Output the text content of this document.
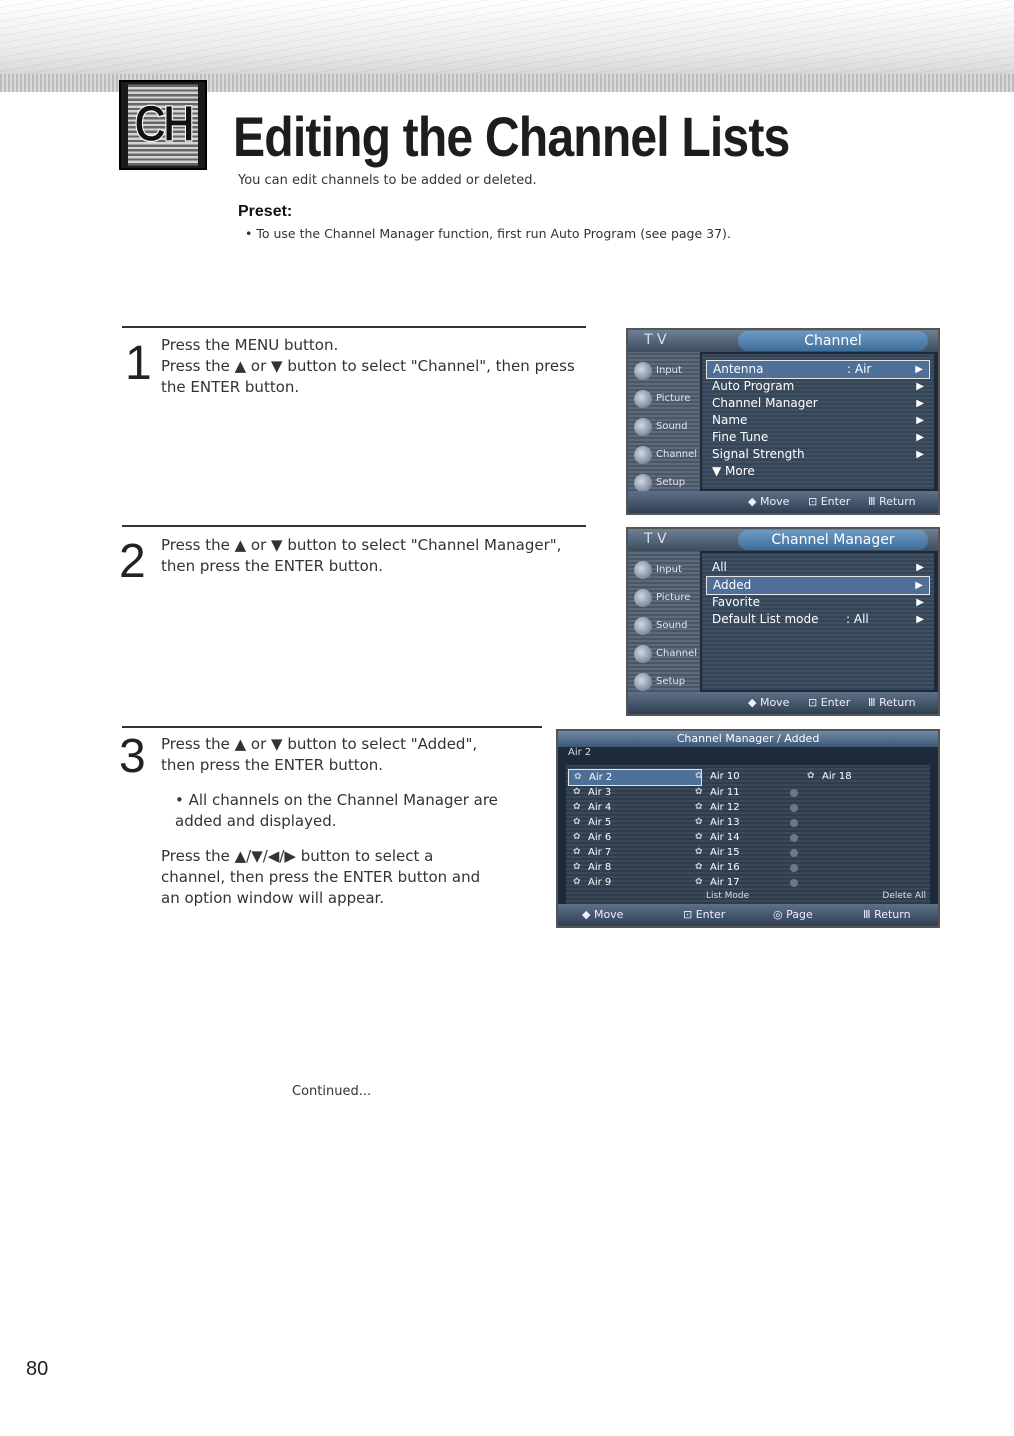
CH Editing the Channel Lists
You can edit channels to be added or deleted.
Preset:
• To use the Channel Manager function, first run Auto Program (see page 37).
1 Press the MENU button.
Press the ▲ or ▼ button to select "Channel", then press
the ENTER button.
2 Press the ▲ or ▼ button to select "Channel Manager",
then press the ENTER button.
3 Press the ▲ or ▼ button to select "Added",
then press the ENTER button.
• All channels on the Channel Manager are
added and displayed.
Press the ▲/▼/◀/▶ button to select a
channel, then press the ENTER button and
an option window will appear.
T V	Channel
Input
Picture
Sound
Channel
Setup
Antenna	: Air	▶
Auto Program	▶
Channel Manager	▶
Name	▶
Fine Tune	▶
Signal Strength	▶
▼ More
◆ Move ⊡ Enter Ⅲ Return
T V	Channel Manager
Input
Picture
Sound
Channel
Setup
All	▶
Added	▶
Favorite	▶
Default List mode : All	▶
◆ Move ⊡ Enter Ⅲ Return
Channel Manager / Added
Air 2
✿ Air 2
✿ Air 3
✿ Air 4
✿ Air 5
✿ Air 6
✿ Air 7
✿ Air 8
✿ Air 9
✿ Air 10
✿ Air 11
✿ Air 12
✿ Air 13
✿ Air 14
✿ Air 15
✿ Air 16
✿ Air 17
✿ Air 18
List Mode	Delete All
◆ Move	⊡ Enter	◎ Page	Ⅲ Return
Continued...
80
